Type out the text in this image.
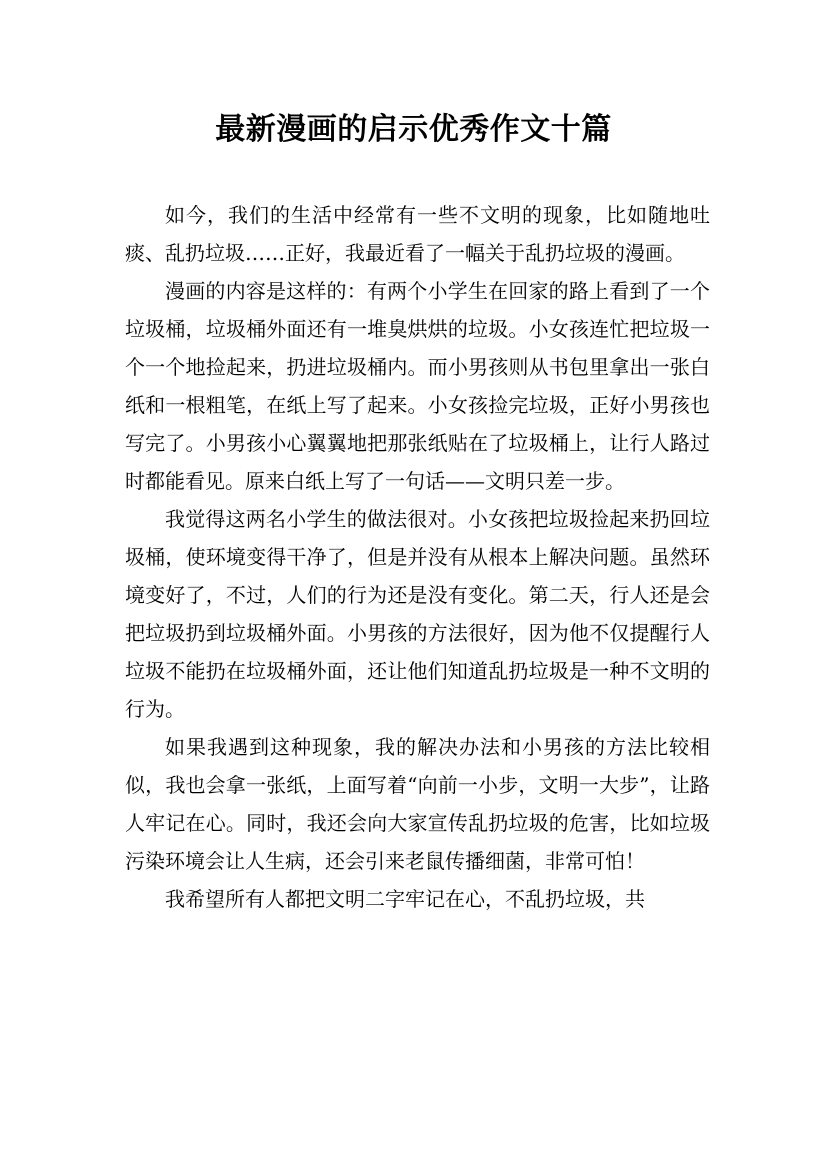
最新漫画的启示优秀作文十篇

如今，我们的生活中经常有一些不文明的现象，比如随地吐痰、乱扔垃圾……正好，我最近看了一幅关于乱扔垃圾的漫画。

漫画的内容是这样的：有两个小学生在回家的路上看到了一个垃圾桶，垃圾桶外面还有一堆臭烘烘的垃圾。小女孩连忙把垃圾一个一个地捡起来，扔进垃圾桶内。而小男孩则从书包里拿出一张白纸和一根粗笔，在纸上写了起来。小女孩捡完垃圾，正好小男孩也写完了。小男孩小心翼翼地把那张纸贴在了垃圾桶上，让行人路过时都能看见。原来白纸上写了一句话——文明只差一步。

我觉得这两名小学生的做法很对。小女孩把垃圾捡起来扔回垃圾桶，使环境变得干净了，但是并没有从根本上解决问题。虽然环境变好了，不过，人们的行为还是没有变化。第二天，行人还是会把垃圾扔到垃圾桶外面。小男孩的方法很好，因为他不仅提醒行人垃圾不能扔在垃圾桶外面，还让他们知道乱扔垃圾是一种不文明的行为。

如果我遇到这种现象，我的解决办法和小男孩的方法比较相似，我也会拿一张纸，上面写着“向前一小步，文明一大步”，让路人牢记在心。同时，我还会向大家宣传乱扔垃圾的危害，比如垃圾污染环境会让人生病，还会引来老鼠传播细菌，非常可怕！

我希望所有人都把文明二字牢记在心，不乱扔垃圾，共
